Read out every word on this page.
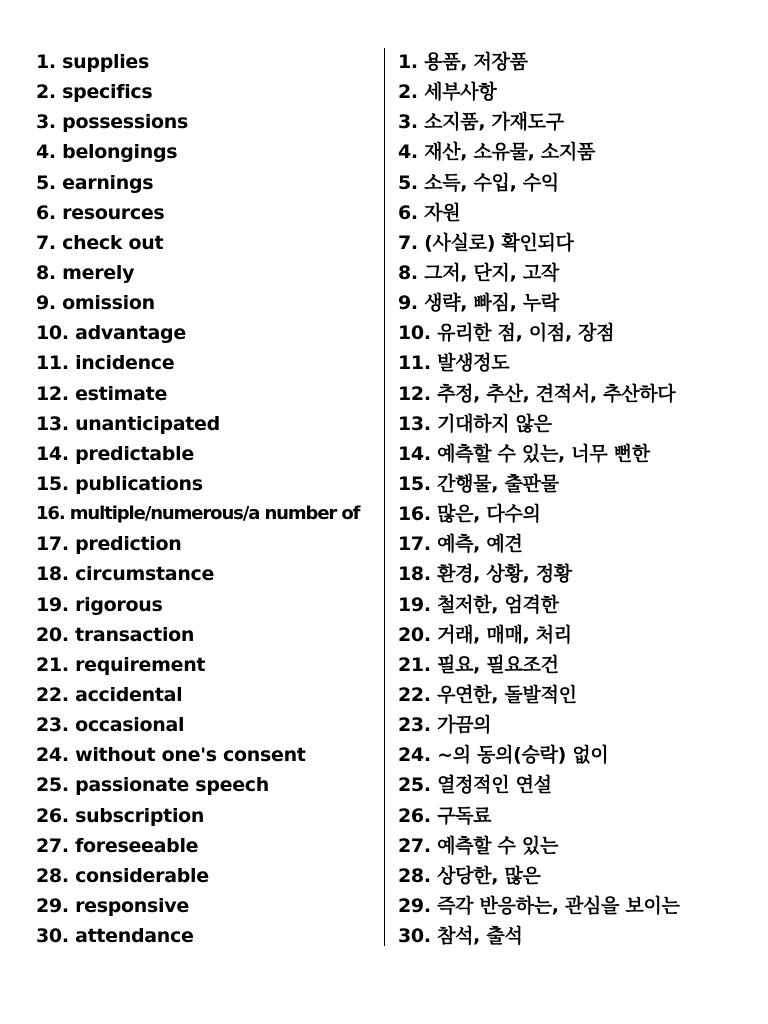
1. supplies
2. specifics
3. possessions
4. belongings
5. earnings
6. resources
7. check out
8. merely
9. omission
10. advantage
11. incidence
12. estimate
13. unanticipated
14. predictable
15. publications
16. multiple/numerous/a number of
17. prediction
18. circumstance
19. rigorous
20. transaction
21. requirement
22. accidental
23. occasional
24. without one's consent
25. passionate speech
26. subscription
27. foreseeable
28. considerable
29. responsive
30. attendance
1. 용품, 저장품
2. 세부사항
3. 소지품, 가재도구
4. 재산, 소유물, 소지품
5. 소득, 수입, 수익
6. 자원
7. (사실로) 확인되다
8. 그저, 단지, 고작
9. 생략, 빠짐, 누락
10. 유리한 점, 이점, 장점
11. 발생정도
12. 추정, 추산, 견적서, 추산하다
13. 기대하지 않은
14. 예측할 수 있는, 너무 뻔한
15. 간행물, 출판물
16. 많은, 다수의
17. 예측, 예견
18. 환경, 상황, 정황
19. 철저한, 엄격한
20. 거래, 매매, 처리
21. 필요, 필요조건
22. 우연한, 돌발적인
23. 가끔의
24. ~의 동의(승락) 없이
25. 열정적인 연설
26. 구독료
27. 예측할 수 있는
28. 상당한, 많은
29. 즉각 반응하는, 관심을 보이는
30. 참석, 출석
